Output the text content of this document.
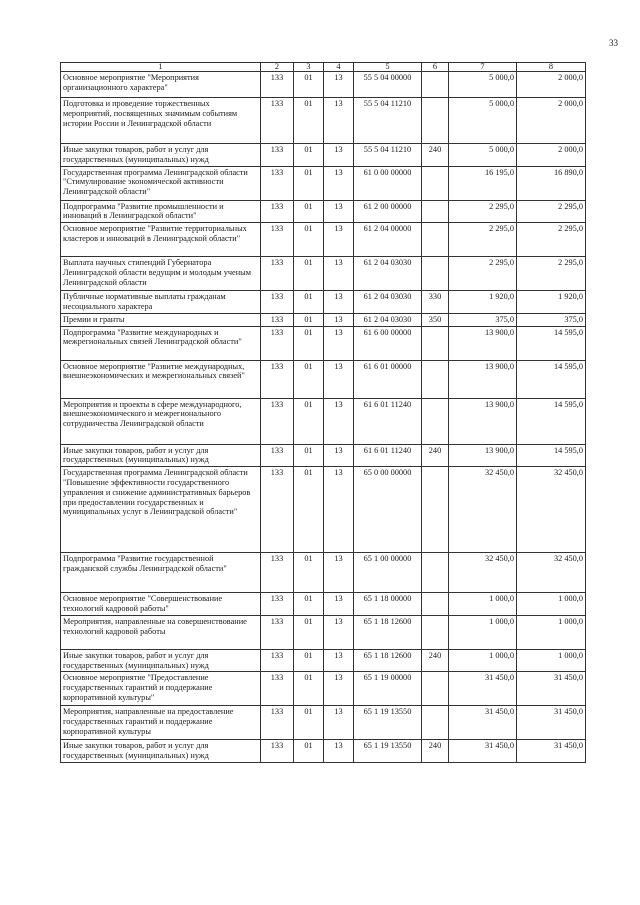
33
1	2	3	4	5	6	7	8
Основное мероприятие "Мероприятия организационного характера"	133	01	13	55 5 04 00000		5 000,0	2 000,0
Подготовка и проведение торжественных мероприятий, посвященных значимым событиям истории России и Ленинградской области	133	01	13	55 5 04 11210		5 000,0	2 000,0
Иные закупки товаров, работ и услуг для государственных (муниципальных) нужд	133	01	13	55 5 04 11210	240	5 000,0	2 000,0
Государственная программа Ленинградской области "Стимулирование экономической активности Ленинградской области"	133	01	13	61 0 00 00000		16 195,0	16 890,0
Подпрограмма "Развитие промышленности и инноваций в Ленинградской области"	133	01	13	61 2 00 00000		2 295,0	2 295,0
Основное мероприятие "Развитие территориальных кластеров и инноваций в Ленинградской области"	133	01	13	61 2 04 00000		2 295,0	2 295,0
Выплата научных стипендий Губернатора Ленинградской области ведущим и молодым ученым Ленинградской области	133	01	13	61 2 04 03030		2 295,0	2 295,0
Публичные нормативные выплаты гражданам несоциального характера	133	01	13	61 2 04 03030	330	1 920,0	1 920,0
Премии и гранты	133	01	13	61 2 04 03030	350	375,0	375,0
Подпрограмма "Развитие международных и межрегиональных связей Ленинградской области"	133	01	13	61 6 00 00000		13 900,0	14 595,0
Основное мероприятие "Развитие международных, внешнеэкономических и межрегиональных связей"	133	01	13	61 6 01 00000		13 900,0	14 595,0
Мероприятия и проекты в сфере международного, внешнеэкономического и межрегионального сотрудничества Ленинградской области	133	01	13	61 6 01 11240		13 900,0	14 595,0
Иные закупки товаров, работ и услуг для государственных (муниципальных) нужд	133	01	13	61 6 01 11240	240	13 900,0	14 595,0
Государственная программа Ленинградской области "Повышение эффективности государственного управления и снижение административных барьеров при предоставлении государственных и муниципальных услуг в Ленинградской области"	133	01	13	65 0 00 00000		32 450,0	32 450,0
Подпрограмма "Развитие государственной гражданской службы Ленинградской области"	133	01	13	65 1 00 00000		32 450,0	32 450,0
Основное мероприятие "Совершенствование технологий кадровой работы"	133	01	13	65 1 18 00000		1 000,0	1 000,0
Мероприятия, направленные на совершенствование технологий кадровой работы	133	01	13	65 1 18 12600		1 000,0	1 000,0
Иные закупки товаров, работ и услуг для государственных (муниципальных) нужд	133	01	13	65 1 18 12600	240	1 000,0	1 000,0
Основное мероприятие "Предоставление государственных гарантий и поддержание корпоративной культуры"	133	01	13	65 1 19 00000		31 450,0	31 450,0
Мероприятия, направленные на предоставление государственных гарантий и поддержание корпоративной культуры	133	01	13	65 1 19 13550		31 450,0	31 450,0
Иные закупки товаров, работ и услуг для государственных (муниципальных) нужд	133	01	13	65 1 19 13550	240	31 450,0	31 450,0
